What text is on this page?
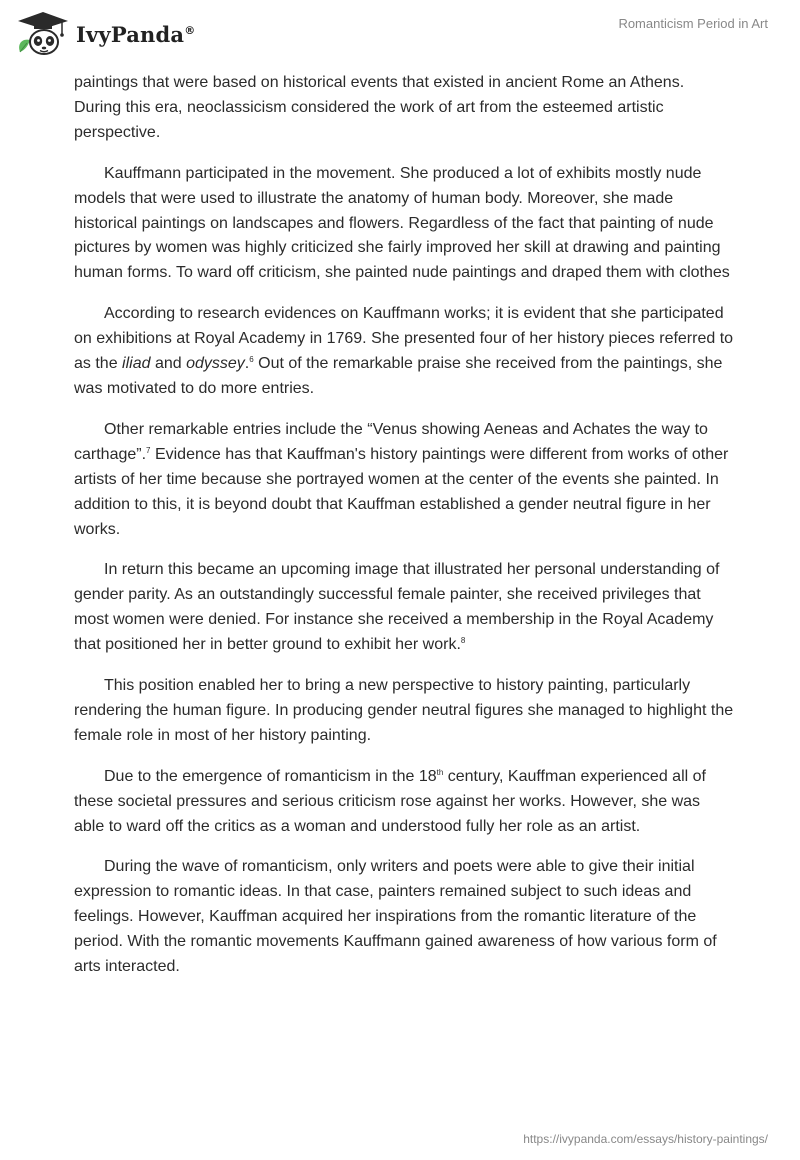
IvyPanda®	Romanticism Period in Art

paintings that were based on historical events that existed in ancient Rome an Athens. During this era, neoclassicism considered the work of art from the esteemed artistic perspective.

Kauffmann participated in the movement. She produced a lot of exhibits mostly nude models that were used to illustrate the anatomy of human body. Moreover, she made historical paintings on landscapes and flowers. Regardless of the fact that painting of nude pictures by women was highly criticized she fairly improved her skill at drawing and painting human forms. To ward off criticism, she painted nude paintings and draped them with clothes

According to research evidences on Kauffmann works; it is evident that she participated on exhibitions at Royal Academy in 1769. She presented four of her history pieces referred to as the iliad and odyssey.$^6$ Out of the remarkable praise she received from the paintings, she was motivated to do more entries.

Other remarkable entries include the “Venus showing Aeneas and Achates the way to carthage”.$^7$ Evidence has that Kauffman's history paintings were different from works of other artists of her time because she portrayed women at the center of the events she painted. In addition to this, it is beyond doubt that Kauffman established a gender neutral figure in her works.

In return this became an upcoming image that illustrated her personal understanding of gender parity. As an outstandingly successful female painter, she received privileges that most women were denied. For instance she received a membership in the Royal Academy that positioned her in better ground to exhibit her work.$^8$

This position enabled her to bring a new perspective to history painting, particularly rendering the human figure. In producing gender neutral figures she managed to highlight the female role in most of her history painting.

Due to the emergence of romanticism in the 18th century, Kauffman experienced all of these societal pressures and serious criticism rose against her works. However, she was able to ward off the critics as a woman and understood fully her role as an artist.

During the wave of romanticism, only writers and poets were able to give their initial expression to romantic ideas. In that case, painters remained subject to such ideas and feelings. However, Kauffman acquired her inspirations from the romantic literature of the period. With the romantic movements Kauffmann gained awareness of how various form of arts interacted.

https://ivypanda.com/essays/history-paintings/
